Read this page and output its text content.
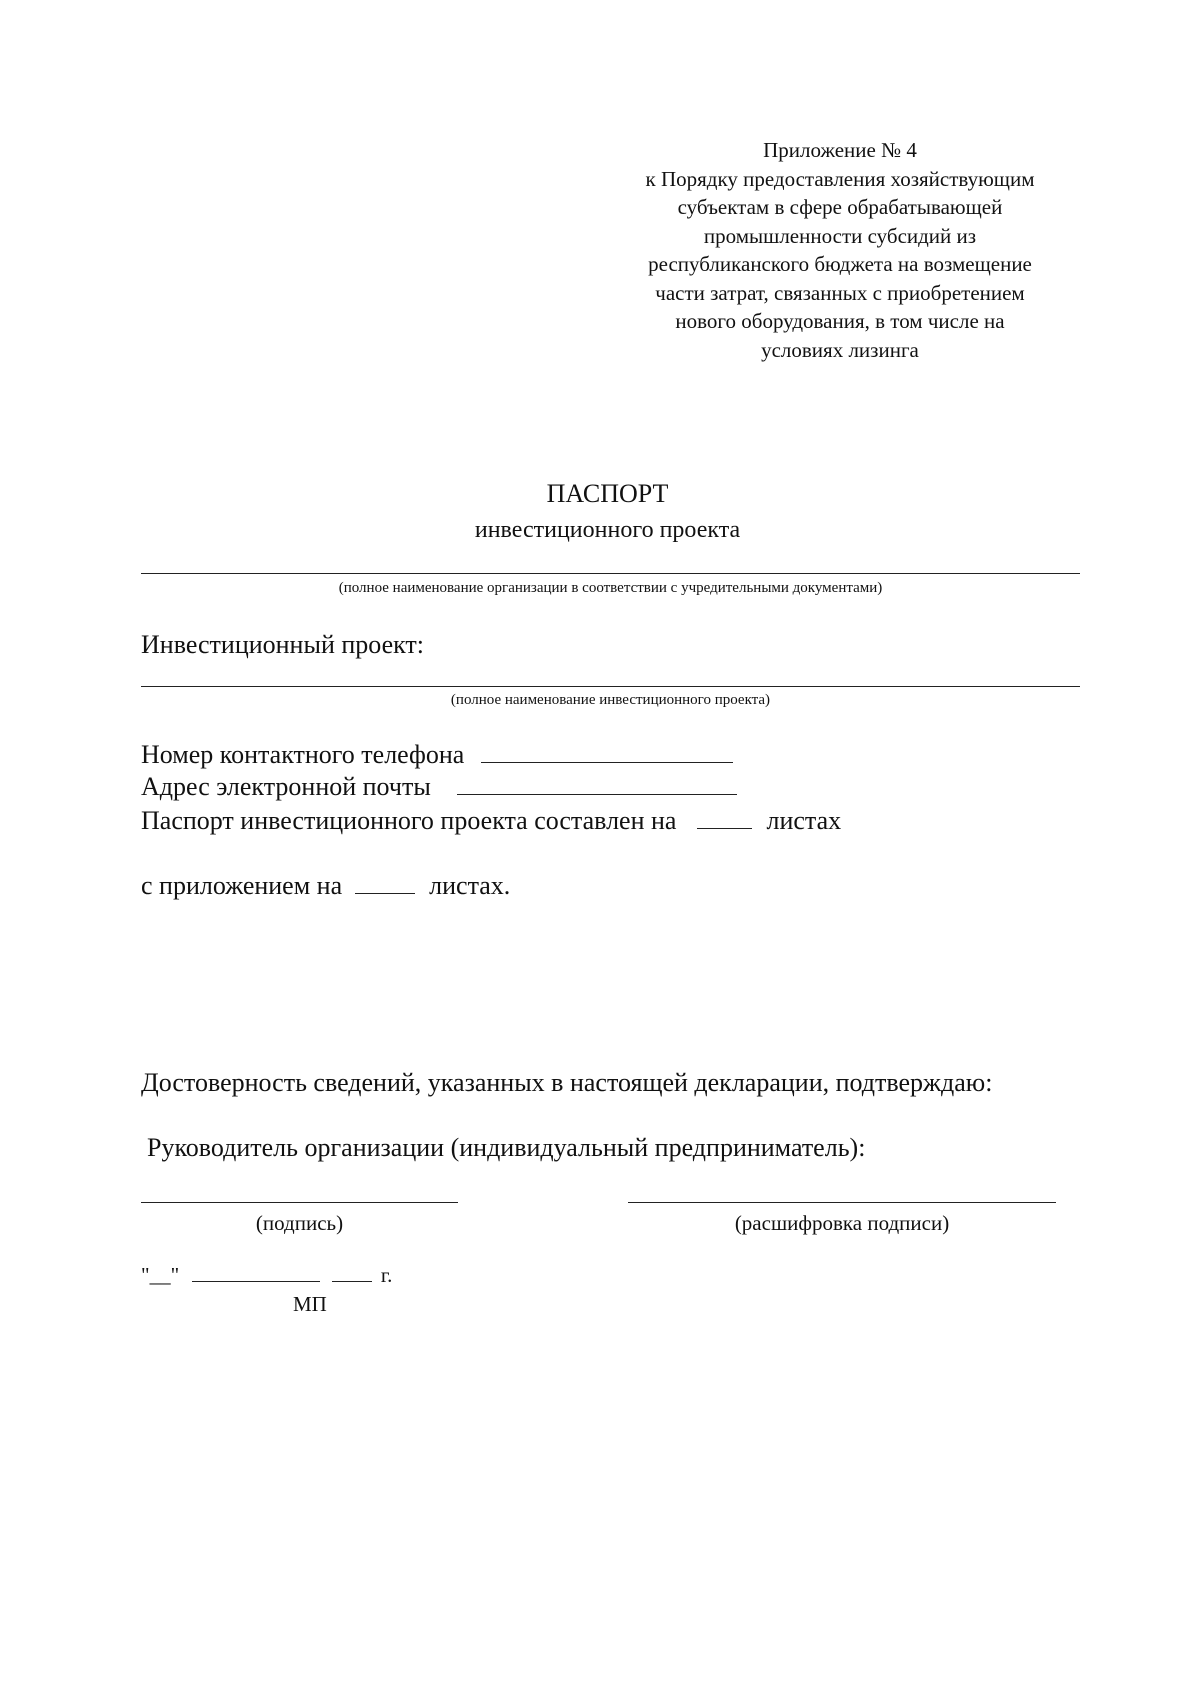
Приложение № 4
к Порядку предоставления хозяйствующим
субъектам в сфере обрабатывающей
промышленности субсидий из
республиканского бюджета на возмещение
части затрат, связанных с приобретением
нового оборудования, в том числе на
условиях лизинга
ПАСПОРТ
инвестиционного проекта
(полное наименование организации в соответствии с учредительными документами)
Инвестиционный проект:
(полное наименование инвестиционного проекта)
Номер контактного телефона
Адрес электронной почты
Паспорт инвестиционного проекта составлен на	листах
с приложением на	листах.
Достоверность сведений, указанных в настоящей декларации, подтверждаю:
Руководитель организации (индивидуальный предприниматель):
(подпись)	(расшифровка подписи)
"__"	г.
МП
